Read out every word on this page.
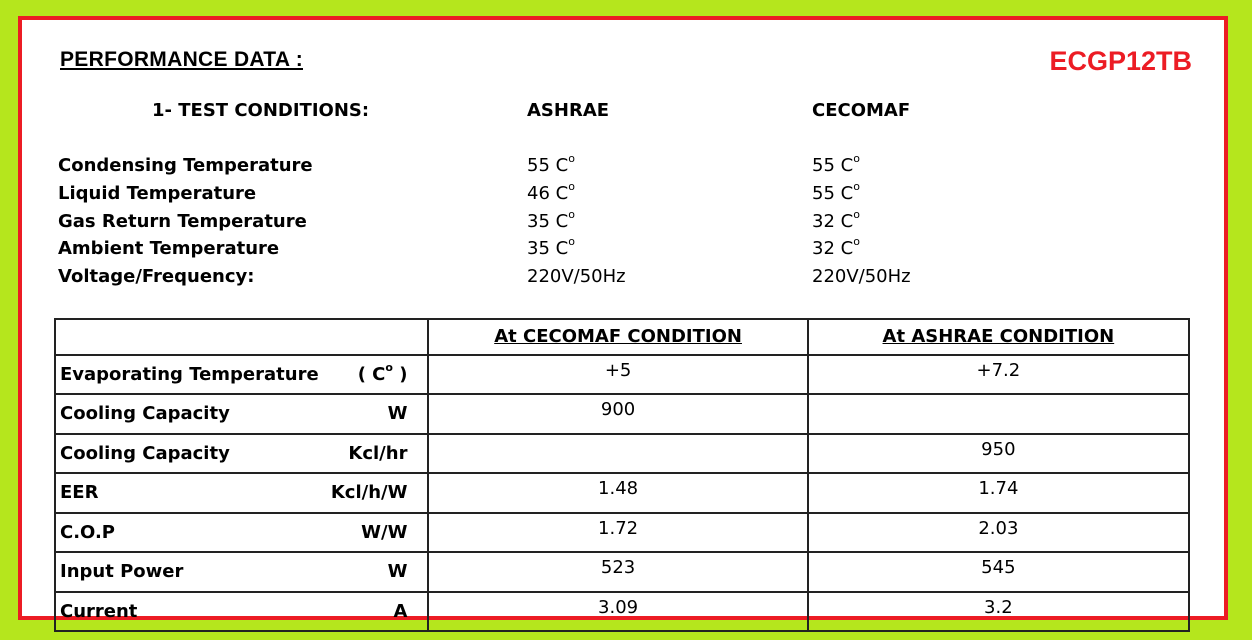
PERFORMANCE DATA :	ECGP12TB
1- TEST CONDITIONS:	ASHRAE	CECOMAF
Condensing Temperature	55 $C^o$	55 $C^o$
Liquid Temperature	46 $C^o$	55 $C^o$
Gas Return Temperature	35 $C^o$	32 $C^o$
Ambient Temperature	35 $C^o$	32 $C^o$
Voltage/Frequency:	220V/50Hz	220V/50Hz
	At CECOMAF CONDITION	At ASHRAE CONDITION

Evaporating Temperature ( $C^o$ )	+5	+7.2

Cooling Capacity W	900	

Cooling Capacity Kcl/hr		950

EER Kcl/h/W	1.48	1.74

C.O.P W/W	1.72	2.03

Input Power W	523	545

Current A	3.09	3.2
